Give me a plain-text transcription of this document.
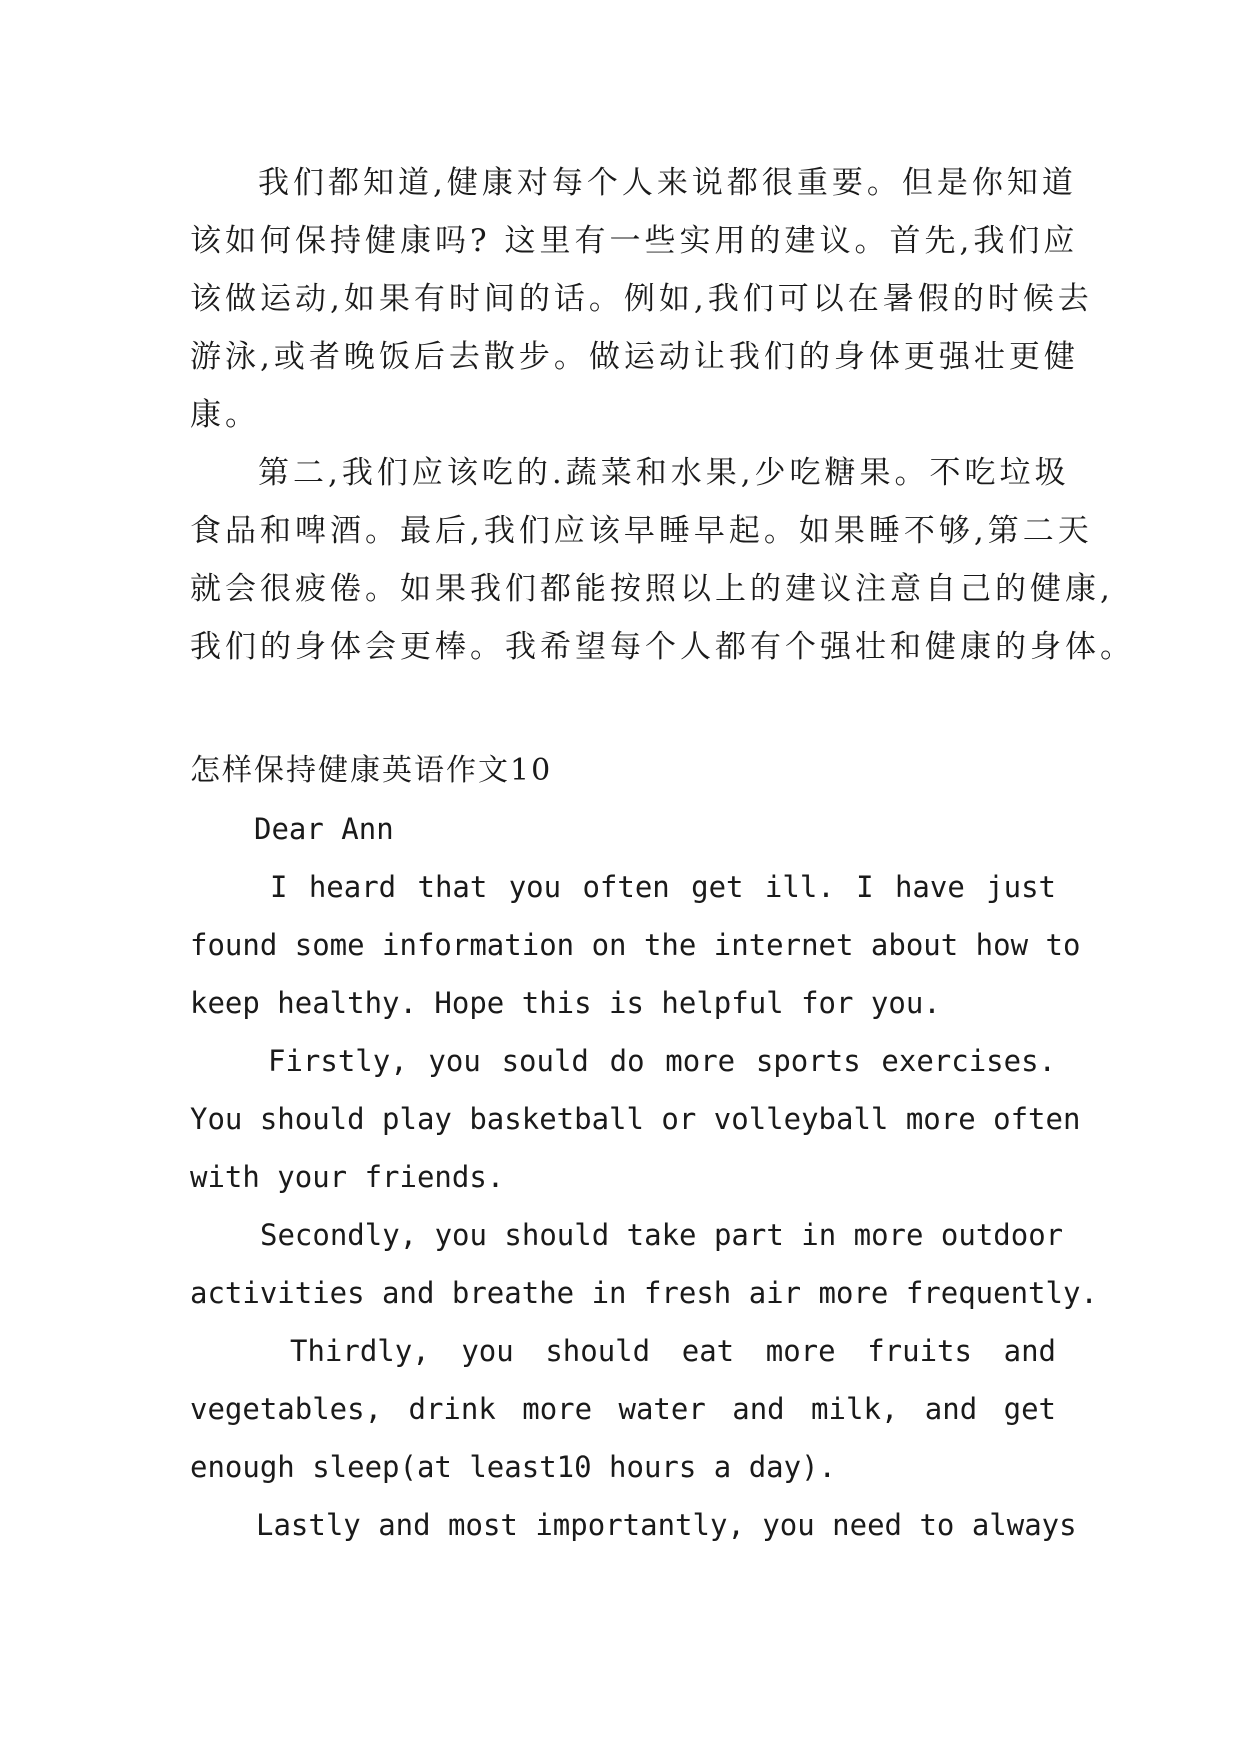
我们都知道,健康对每个人来说都很重要。但是你知道
该如何保持健康吗? 这里有一些实用的建议。首先,我们应
该做运动,如果有时间的话。例如,我们可以在暑假的时候去
游泳,或者晚饭后去散步。做运动让我们的身体更强壮更健
康。
第二,我们应该吃的.蔬菜和水果,少吃糖果。不吃垃圾
食品和啤酒。最后,我们应该早睡早起。如果睡不够,第二天
就会很疲倦。如果我们都能按照以上的建议注意自己的健康,
我们的身体会更棒。我希望每个人都有个强壮和健康的身体。
怎样保持健康英语作文10
Dear Ann
I heard that you often get ill. I have just
found some information on the internet about how to
keep healthy. Hope this is helpful for you.
Firstly, you sould do more sports exercises.
You should play basketball or volleyball more often
with your friends.
Secondly, you should take part in more outdoor
activities and breathe in fresh air more frequently.
Thirdly, you should eat more fruits and
vegetables, drink more water and milk, and get
enough sleep(at least10 hours a day).
Lastly and most importantly, you need to always
